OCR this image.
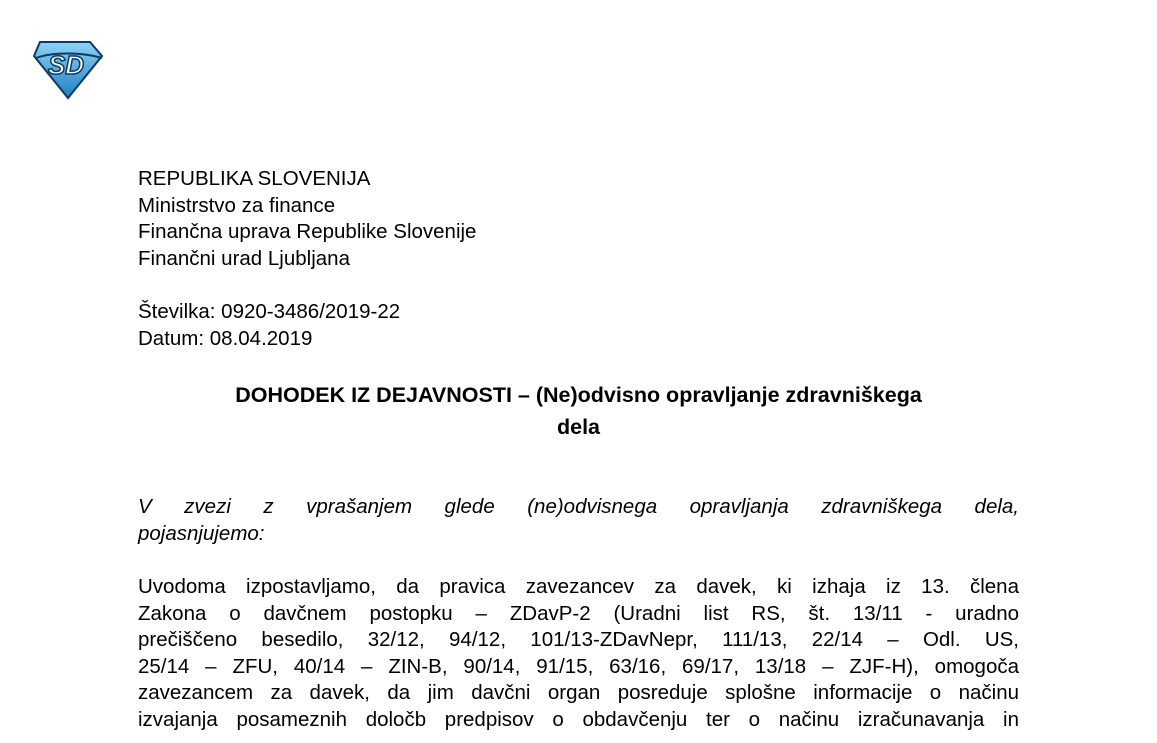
SD
REPUBLIKA SLOVENIJA
Ministrstvo za finance
Finančna uprava Republike Slovenije
Finančni urad Ljubljana
Številka: 0920-3486/2019-22
Datum: 08.04.2019
DOHODEK IZ DEJAVNOSTI – (Ne)odvisno opravljanje zdravniškega
dela
V zvezi z vprašanjem glede (ne)odvisnega opravljanja zdravniškega dela,
pojasnjujemo:
Uvodoma izpostavljamo, da pravica zavezancev za davek, ki izhaja iz 13. člena
Zakona o davčnem postopku – ZDavP-2 (Uradni list RS, št. 13/11 - uradno
prečiščeno besedilo, 32/12, 94/12, 101/13-ZDavNepr, 111/13, 22/14 – Odl. US,
25/14 – ZFU, 40/14 – ZIN-B, 90/14, 91/15, 63/16, 69/17, 13/18 – ZJF-H), omogoča
zavezancem za davek, da jim davčni organ posreduje splošne informacije o načinu
izvajanja posameznih določb predpisov o obdavčenju ter o načinu izračunavanja in
